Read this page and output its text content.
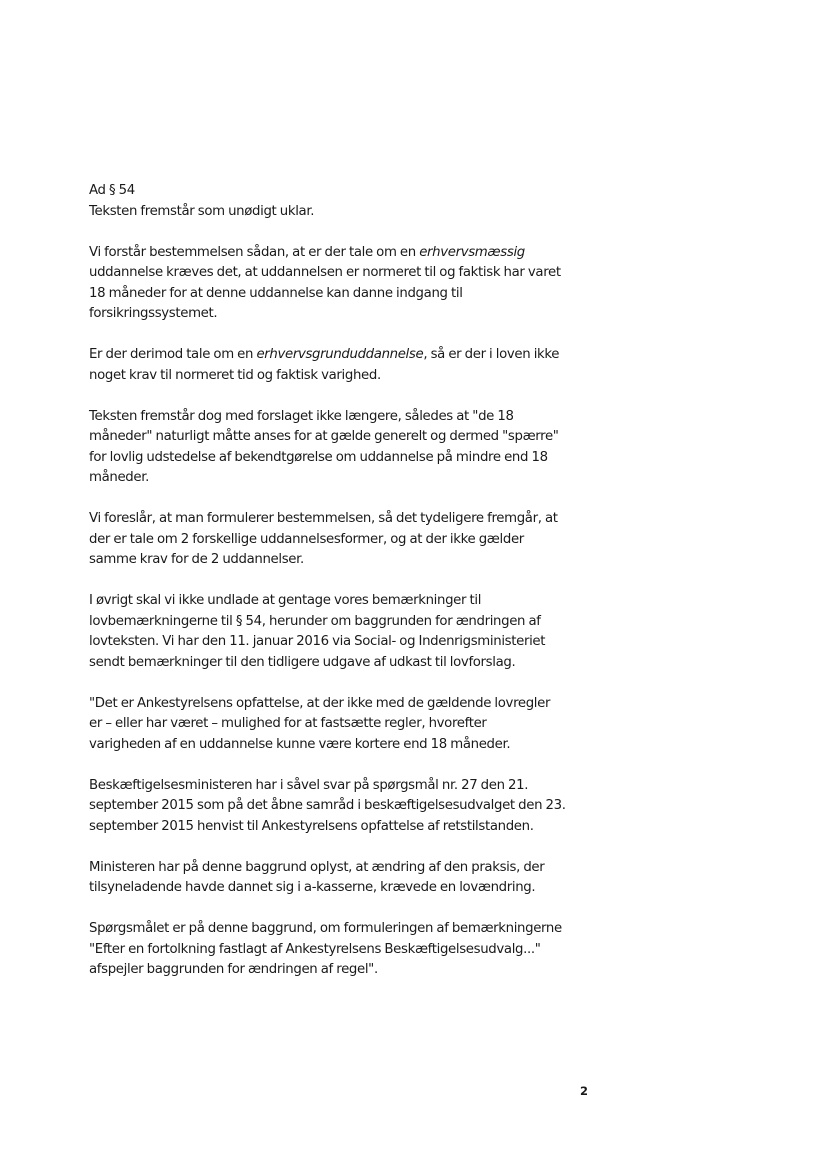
Ad § 54
Teksten fremstår som unødigt uklar.
Vi forstår bestemmelsen sådan, at er der tale om en erhvervsmæssig
uddannelse kræves det, at uddannelsen er normeret til og faktisk har varet
18 måneder for at denne uddannelse kan danne indgang til
forsikringssystemet.
Er der derimod tale om en erhvervsgrunduddannelse, så er der i loven ikke
noget krav til normeret tid og faktisk varighed.
Teksten fremstår dog med forslaget ikke længere, således at "de 18
måneder" naturligt måtte anses for at gælde generelt og dermed "spærre"
for lovlig udstedelse af bekendtgørelse om uddannelse på mindre end 18
måneder.
Vi foreslår, at man formulerer bestemmelsen, så det tydeligere fremgår, at
der er tale om 2 forskellige uddannelsesformer, og at der ikke gælder
samme krav for de 2 uddannelser.
I øvrigt skal vi ikke undlade at gentage vores bemærkninger til
lovbemærkningerne til § 54, herunder om baggrunden for ændringen af
lovteksten. Vi har den 11. januar 2016 via Social- og Indenrigsministeriet
sendt bemærkninger til den tidligere udgave af udkast til lovforslag.
"Det er Ankestyrelsens opfattelse, at der ikke med de gældende lovregler
er – eller har været – mulighed for at fastsætte regler, hvorefter
varigheden af en uddannelse kunne være kortere end 18 måneder.
Beskæftigelsesministeren har i såvel svar på spørgsmål nr. 27 den 21.
september 2015 som på det åbne samråd i beskæftigelsesudvalget den 23.
september 2015 henvist til Ankestyrelsens opfattelse af retstilstanden.
Ministeren har på denne baggrund oplyst, at ændring af den praksis, der
tilsyneladende havde dannet sig i a-kasserne, krævede en lovændring.
Spørgsmålet er på denne baggrund, om formuleringen af bemærkningerne
"Efter en fortolkning fastlagt af Ankestyrelsens Beskæftigelsesudvalg..."
afspejler baggrunden for ændringen af regel".
2
